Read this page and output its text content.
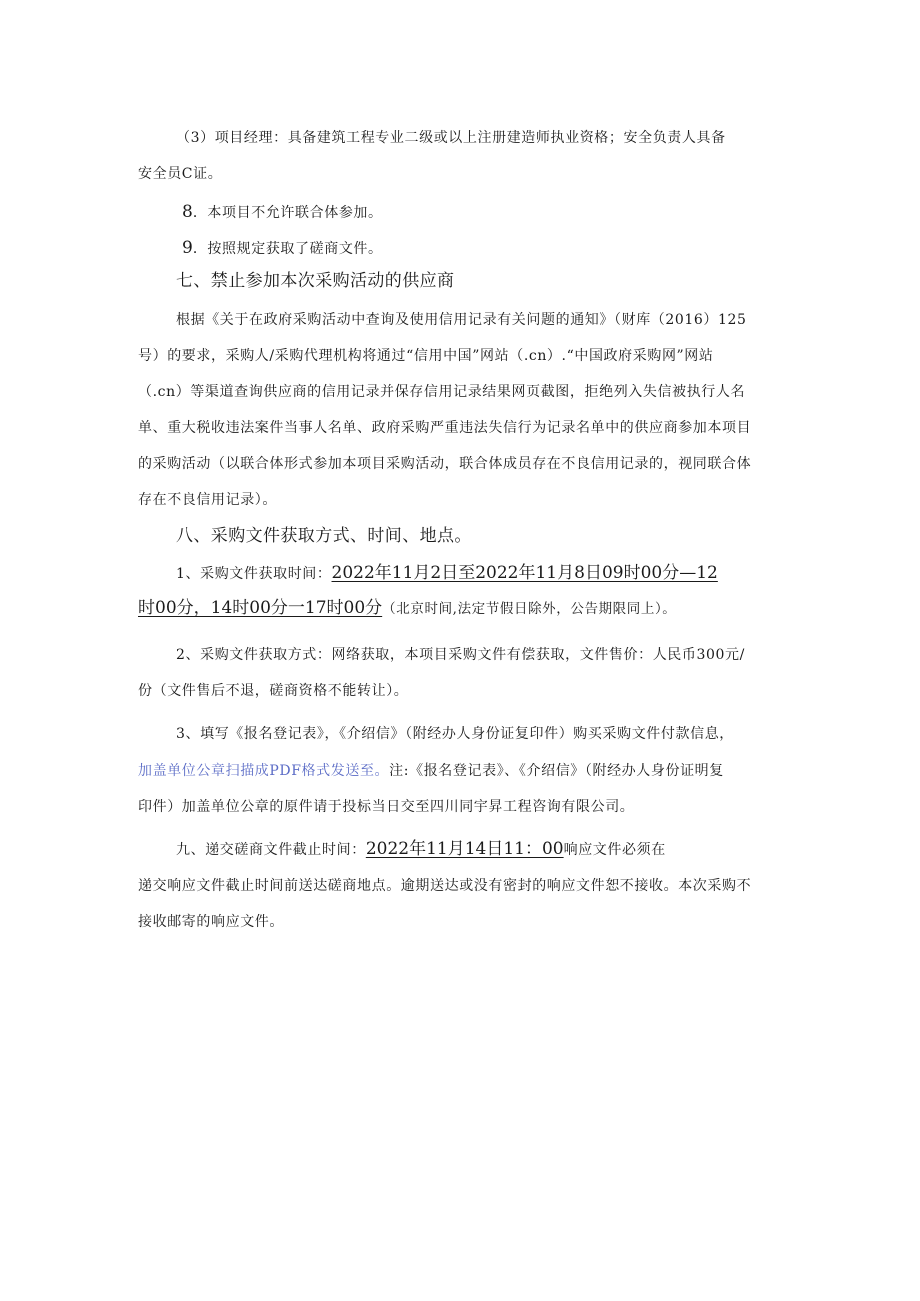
（3）项目经理：具备建筑工程专业二级或以上注册建造师执业资格；安全负责人具备
安全员C证。
8．本项目不允许联合体参加。
9．按照规定获取了磋商文件。
七、禁止参加本次采购活动的供应商
根据《关于在政府采购活动中查询及使用信用记录有关问题的通知》（财库（2016）125
号）的要求，采购人/采购代理机构将通过“信用中国”网站（.cn）.“中国政府采购网”网站
（.cn）等渠道查询供应商的信用记录并保存信用记录结果网页截图，拒绝列入失信被执行人名
单、重大税收违法案件当事人名单、政府采购严重违法失信行为记录名单中的供应商参加本项目
的采购活动（以联合体形式参加本项目采购活动，联合体成员存在不良信用记录的，视同联合体
存在不良信用记录）。
八、采购文件获取方式、时间、地点。
1、采购文件获取时间：2022年11月2日至2022年11月8日09时00分—12
时00分，14时00分一17时00分（北京时间,法定节假日除外，公告期限同上）。
2、采购文件获取方式：网络获取，本项目采购文件有偿获取，文件售价：人民币300元/
份（文件售后不退，磋商资格不能转让）。
3、填写《报名登记表》，《介绍信》（附经办人身份证复印件）购买采购文件付款信息，
加盖单位公章扫描成PDF格式发送至。注:《报名登记表》、《介绍信》（附经办人身份证明复
印件）加盖单位公章的原件请于投标当日交至四川同宇昇工程咨询有限公司。
九、递交磋商文件截止时间：2022年11月14日11：00响应文件必须在
递交响应文件截止时间前送达磋商地点。逾期送达或没有密封的响应文件恕不接收。本次采购不
接收邮寄的响应文件。
